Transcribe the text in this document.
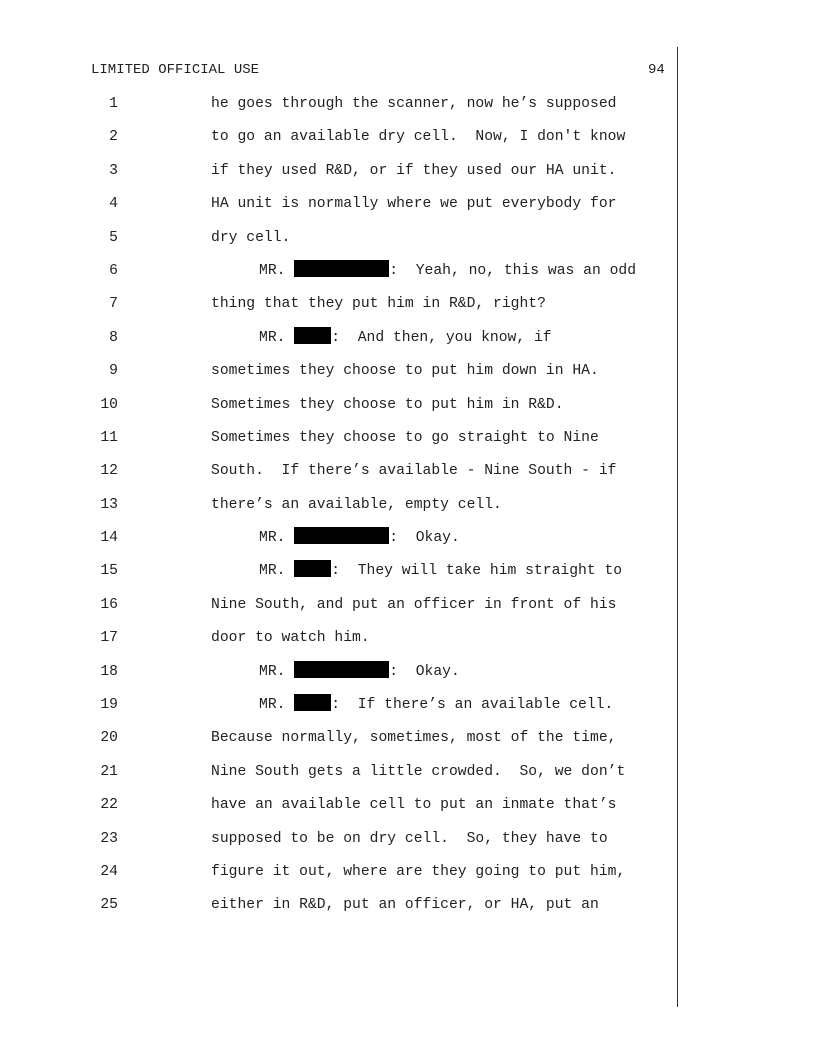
LIMITED OFFICIAL USE	94
1	he goes through the scanner, now he’s supposed
2	to go an available dry cell.  Now, I don't know
3	if they used R&D, or if they used our HA unit.
4	HA unit is normally where we put everybody for
5	dry cell.
6	MR.	:  Yeah, no, this was an odd
7	thing that they put him in R&D, right?
8	MR.	:  And then, you know, if
9	sometimes they choose to put him down in HA.
10	Sometimes they choose to put him in R&D.
11	Sometimes they choose to go straight to Nine
12	South.  If there’s available - Nine South - if
13	there’s an available, empty cell.
14	MR.	:  Okay.
15	MR.	:  They will take him straight to
16	Nine South, and put an officer in front of his
17	door to watch him.
18	MR.	:  Okay.
19	MR.	:  If there’s an available cell.
20	Because normally, sometimes, most of the time,
21	Nine South gets a little crowded.  So, we don’t
22	have an available cell to put an inmate that’s
23	supposed to be on dry cell.  So, they have to
24	figure it out, where are they going to put him,
25	either in R&D, put an officer, or HA, put an
